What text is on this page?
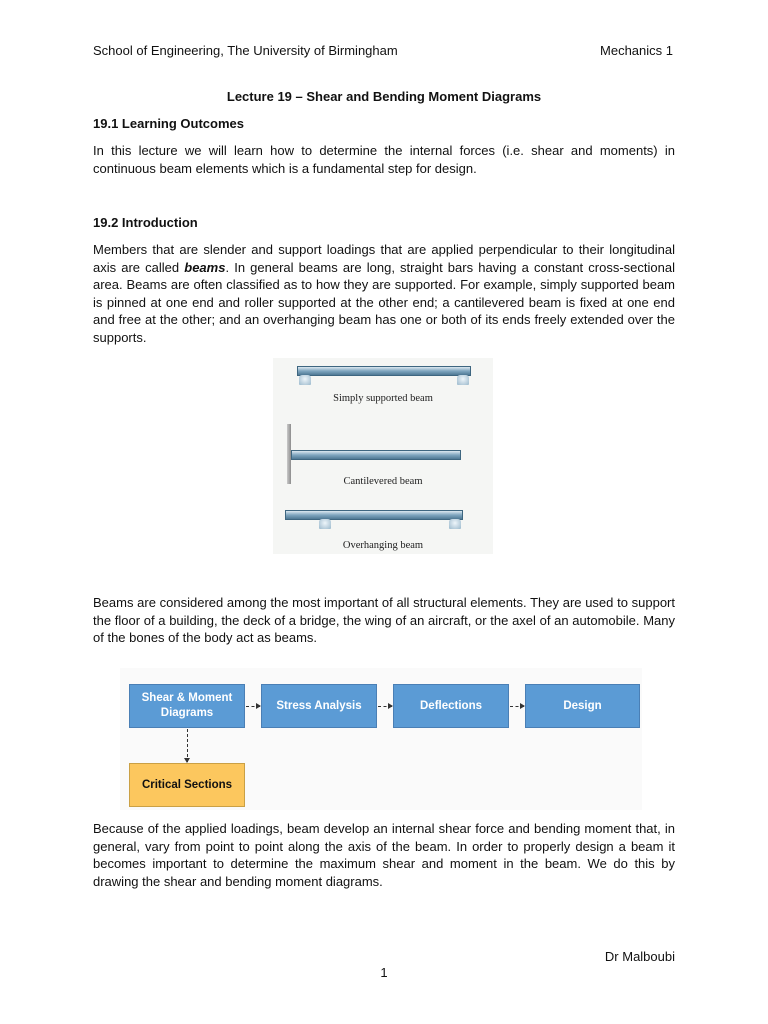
School of Engineering, The University of Birmingham	Mechanics 1
Lecture 19 – Shear and Bending Moment Diagrams
19.1 Learning Outcomes
In this lecture we will learn how to determine the internal forces (i.e. shear and moments) in continuous beam elements which is a fundamental step for design.
19.2 Introduction
Members that are slender and support loadings that are applied perpendicular to their longitudinal axis are called beams. In general beams are long, straight bars having a constant cross-sectional area. Beams are often classified as to how they are supported. For example, simply supported beam is pinned at one end and roller supported at the other end; a cantilevered beam is fixed at one end and free at the other; and an overhanging beam has one or both of its ends freely extended over the supports.
Simply supported beam
Cantilevered beam
Overhanging beam
Beams are considered among the most important of all structural elements. They are used to support the floor of a building, the deck of a bridge, the wing of an aircraft, or the axel of an automobile. Many of the bones of the body act as beams.
Shear & Moment Diagrams
Stress Analysis	Deflections	Design
Critical Sections
Because of the applied loadings, beam develop an internal shear force and bending moment that, in general, vary from point to point along the axis of the beam. In order to properly design a beam it becomes important to determine the maximum shear and moment in the beam. We do this by drawing the shear and bending moment diagrams.
Dr Malboubi
1
